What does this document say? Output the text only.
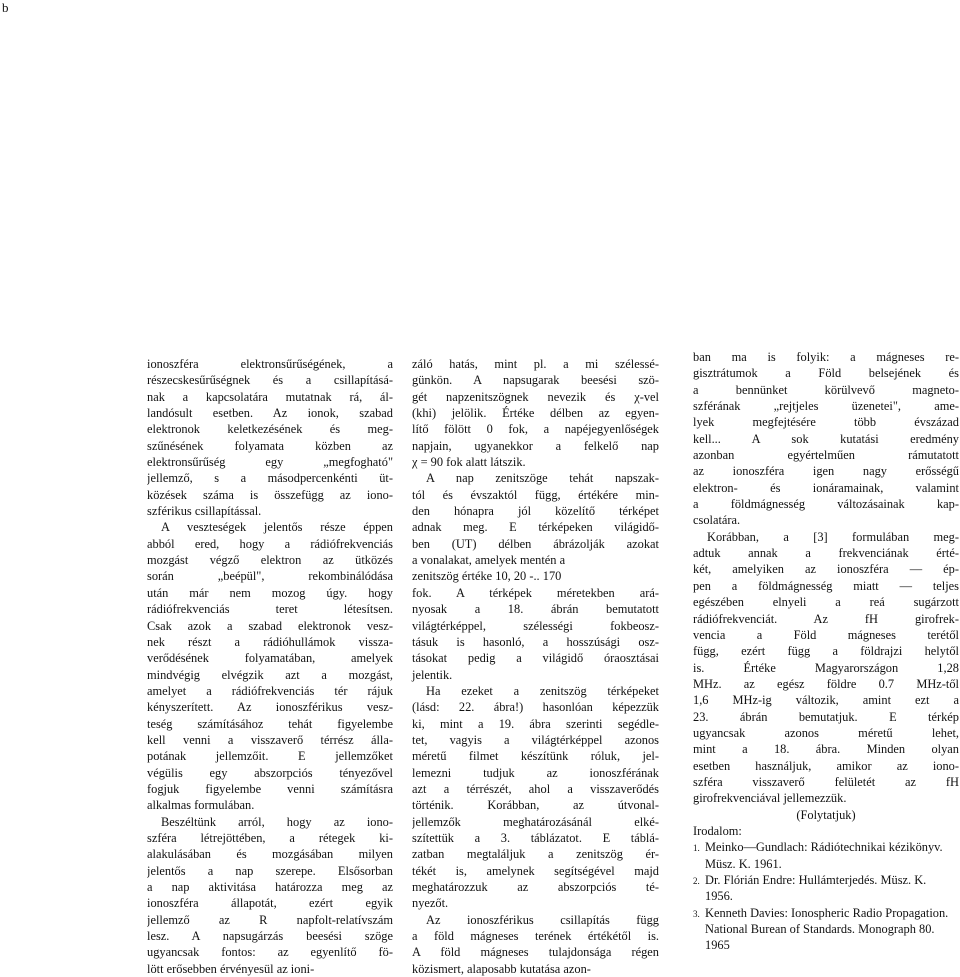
b
ionoszféra elektronsűrűségének, a
részecskesűrűségnek és a csillapításá-
nak a kapcsolatára mutatnak rá, ál-
landósult esetben. Az ionok, szabad
elektronok keletkezésének és meg-
szűnésének folyamata közben az
elektronsűrűség egy „megfogható"
jellemző, s a másodpercenkénti üt-
közések száma is összefügg az iono-
szférikus csillapítással.
A veszteségek jelentős része éppen
abból ered, hogy a rádiófrekvenciás
mozgást végző elektron az ütközés
során „beépül", rekombinálódása
után már nem mozog úgy. hogy
rádiófrekvenciás teret létesítsen.
Csak azok a szabad elektronok vesz-
nek részt a rádióhullámok vissza-
verődésének folyamatában, amelyek
mindvégig elvégzik azt a mozgást,
amelyet a rádiófrekvenciás tér rájuk
kényszerített. Az ionoszférikus vesz-
teség számításához tehát figyelembe
kell venni a visszaverő térrész álla-
potának jellemzőit. E jellemzőket
végülis egy abszorpciós tényezővel
fogjuk figyelembe venni számításra
alkalmas formulában.
Beszéltünk arról, hogy az iono-
szféra létrejöttében, a rétegek ki-
alakulásában és mozgásában milyen
jelentős a nap szerepe. Elsősorban
a nap aktivitása határozza meg az
ionoszféra állapotát, ezért egyik
jellemző az R napfolt-relatívszám
lesz. A napsugárzás beesési szöge
ugyancsak fontos: az egyenlítő fö-
lött erősebben érvényesül az ioni-
záló hatás, mint pl. a mi szélessé-
günkön. A napsugarak beesési szö-
gét napzenitszögnek nevezik és χ-vel
(khi) jelölik. Értéke délben az egyen-
lítő fölött 0 fok, a napéjegyenlőségek
napjain, ugyanekkor a felkelő nap
χ = 90 fok alatt látszik.
A nap zenitszöge tehát napszak-
tól és évszaktól függ, értékére min-
den hónapra jól közelítő térképet
adnak meg. E térképeken világidő-
ben (UT) délben ábrázolják azokat
a vonalakat, amelyek mentén a
zenitszög értéke 10, 20 -.. 170
fok. A térképek méretekben ará-
nyosak a 18. ábrán bemutatott
világtérképpel, szélességi fokbeosz-
tásuk is hasonló, a hosszúsági osz-
tásokat pedig a világidő óraosztásai
jelentik.
Ha ezeket a zenitszög térképeket
(lásd: 22. ábra!) hasonlóan képezzük
ki, mint a 19. ábra szerinti segédle-
tet, vagyis a világtérképpel azonos
méretű filmet készítünk róluk, jel-
lemezni tudjuk az ionoszférának
azt a térrészét, ahol a visszaverődés
történik. Korábban, az útvonal-
jellemzők meghatározásánál elké-
szítettük a 3. táblázatot. E táblá-
zatban megtaláljuk a zenitszög ér-
tékét is, amelynek segítségével majd
meghatározzuk az abszorpciós té-
nyezőt.
Az ionoszférikus csillapítás függ
a föld mágneses terének értékétől is.
A föld mágneses tulajdonsága régen
közismert, alaposabb kutatása azon-
ban ma is folyik: a mágneses re-
gisztrátumok a Föld belsejének és
a bennünket körülvevő magneto-
szférának „rejtjeles üzenetei", ame-
lyek megfejtésére több évszázad
kell... A sok kutatási eredmény
azonban egyértelműen rámutatott
az ionoszféra igen nagy erősségű
elektron- és ionáramainak, valamint
a földmágnesség változásainak kap-
csolatára.
Korábban, a [3] formulában meg-
adtuk annak a frekvenciának érté-
két, amelyiken az ionoszféra — ép-
pen a földmágnesség miatt — teljes
egészében elnyeli a reá sugárzott
rádiófrekvenciát. Az fH girofrek-
vencia a Föld mágneses terétől
függ, ezért függ a földrajzi helytől
is. Értéke Magyarországon 1,28
MHz. az egész földre 0.7 MHz-től
1,6 MHz-ig változik, amint ezt a
23. ábrán bemutatjuk. E térkép
ugyancsak azonos méretű lehet,
mint a 18. ábra. Minden olyan
esetben használjuk, amikor az iono-
szféra visszaverő felületét az fH
girofrekvenciával jellemezzük.
(Folytatjuk)
Irodalom:
1. Meinko—Gundlach: Rádiótechnikai kézikönyv.
Müsz. K. 1961.
2. Dr. Flórián Endre: Hullámterjedés. Müsz. K.
1956.
3. Kenneth Davies: Ionospheric Radio Propagation.
National Burean of Standards. Monograph 80.
1965
